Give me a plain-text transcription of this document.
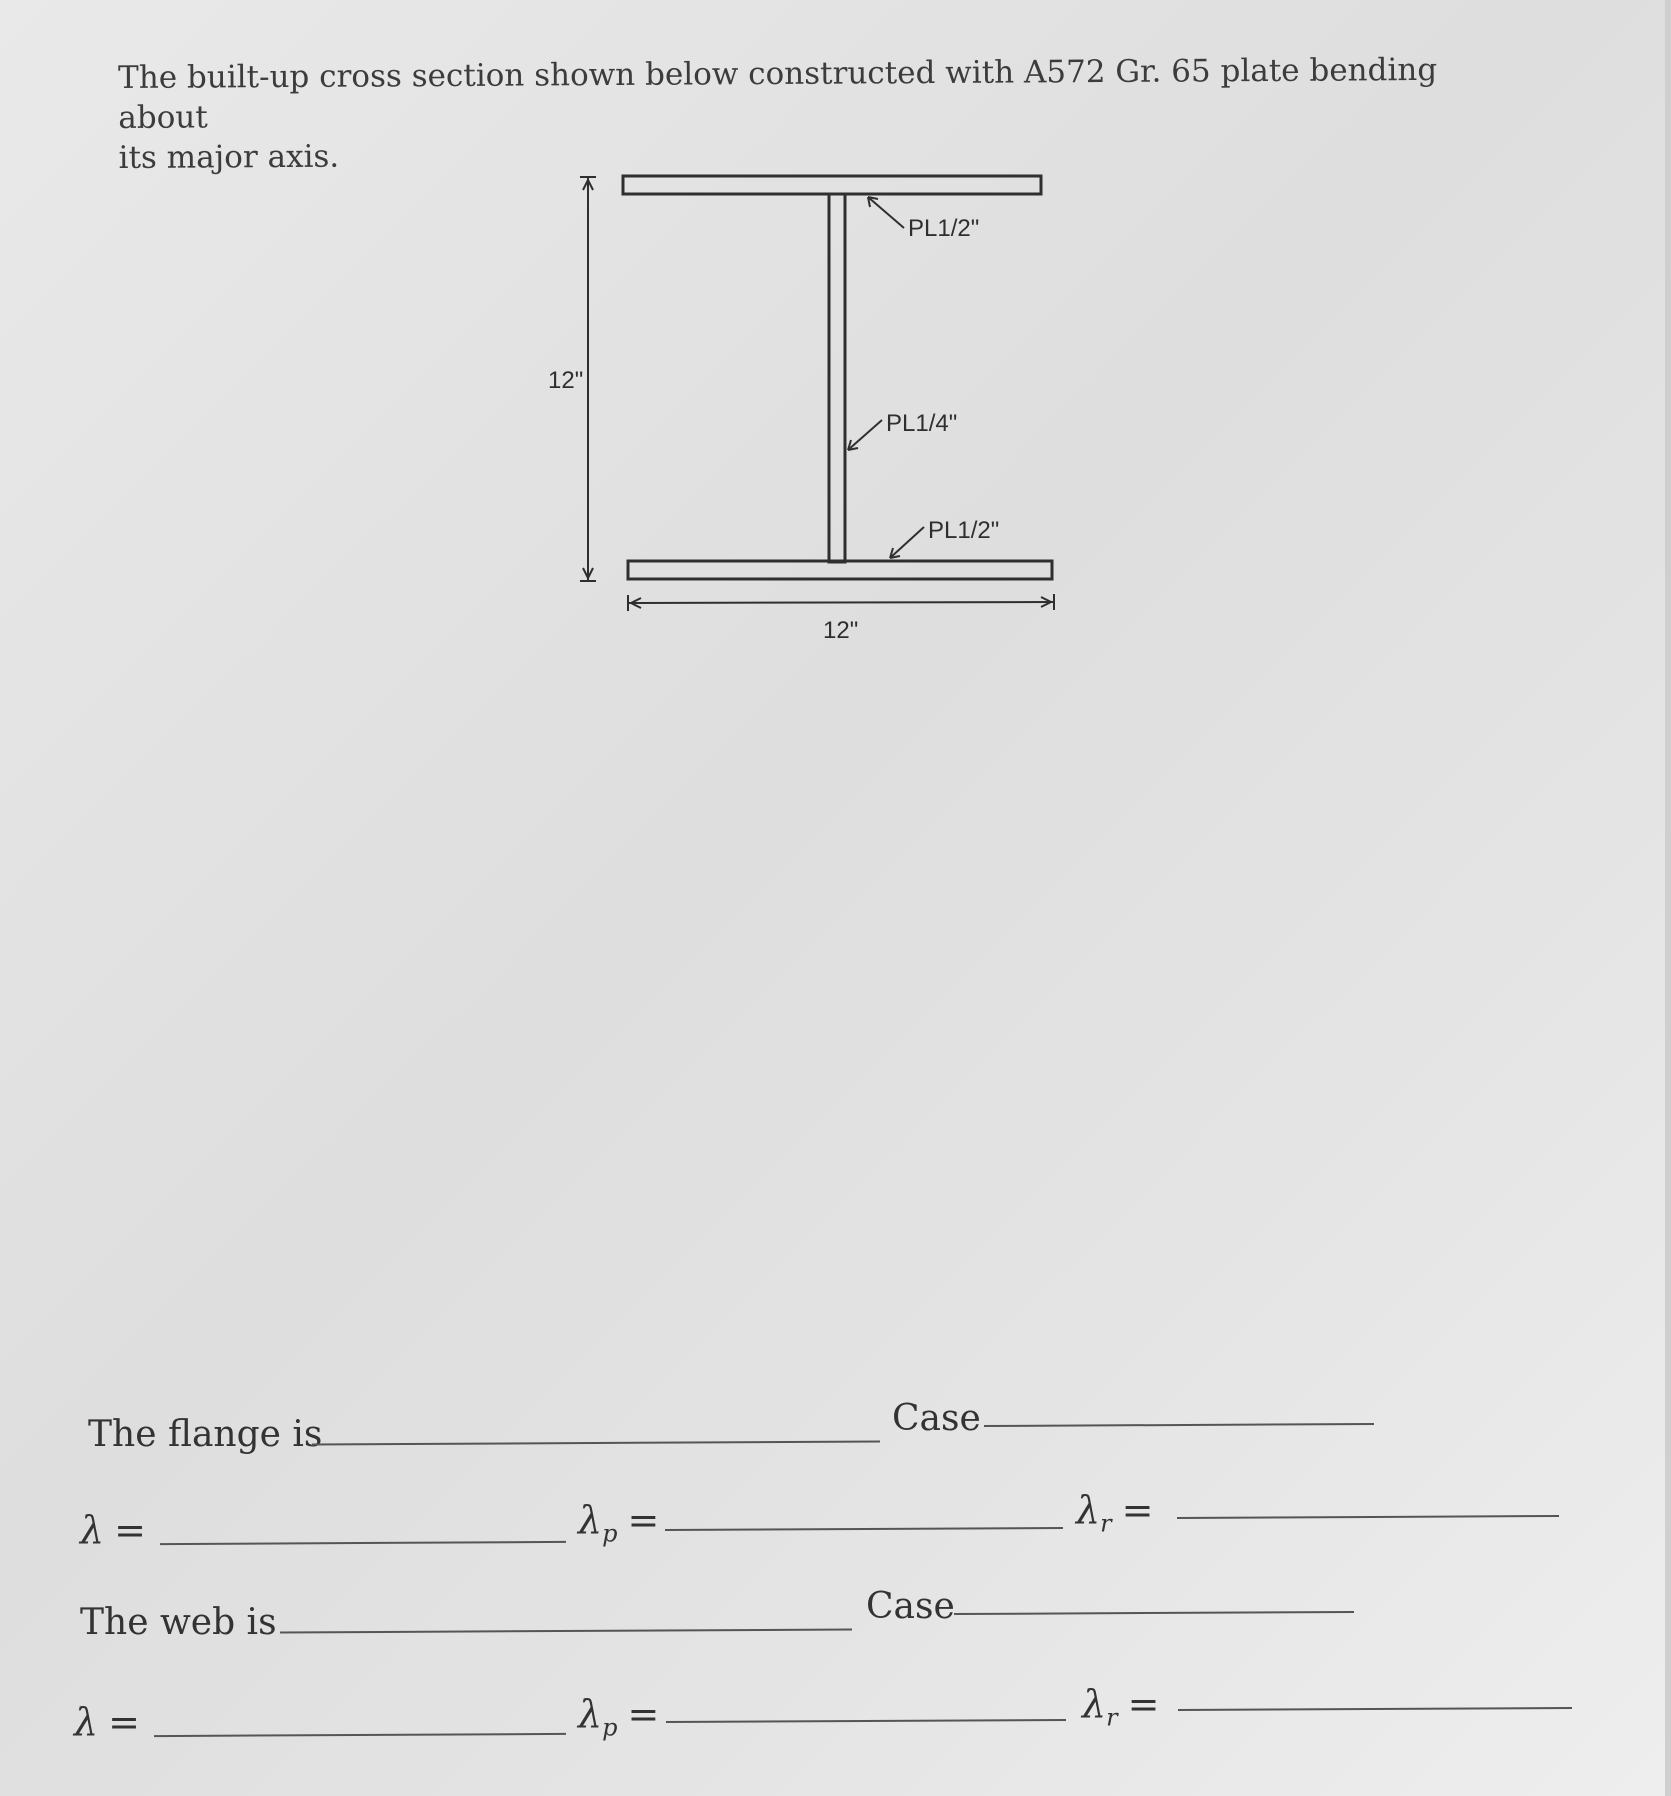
The built-up cross section shown below constructed with A572 Gr. 65 plate bending about
its major axis.
12"
12"
PL1/2"
PL1/4"
PL1/2"
The flange is	Case
λ =	$\lambda_p$ =	$\lambda_r$ =
The web is	Case
λ =	$\lambda_p$ =	$\lambda_r$ =
